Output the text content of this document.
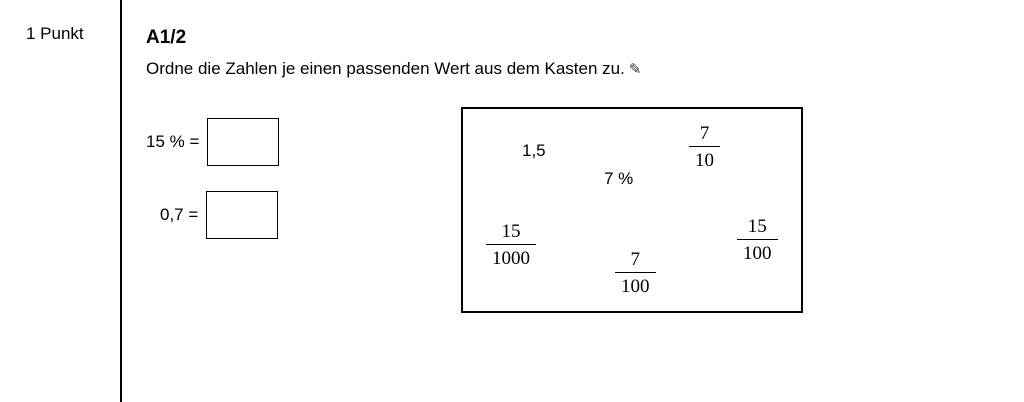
1 Punkt	A1/2
Ordne die Zahlen je einen passenden Wert aus dem Kasten zu. ✎
15 % =
0,7 =
1,5
7 %
7
10
15
1000	7
100
15
100
